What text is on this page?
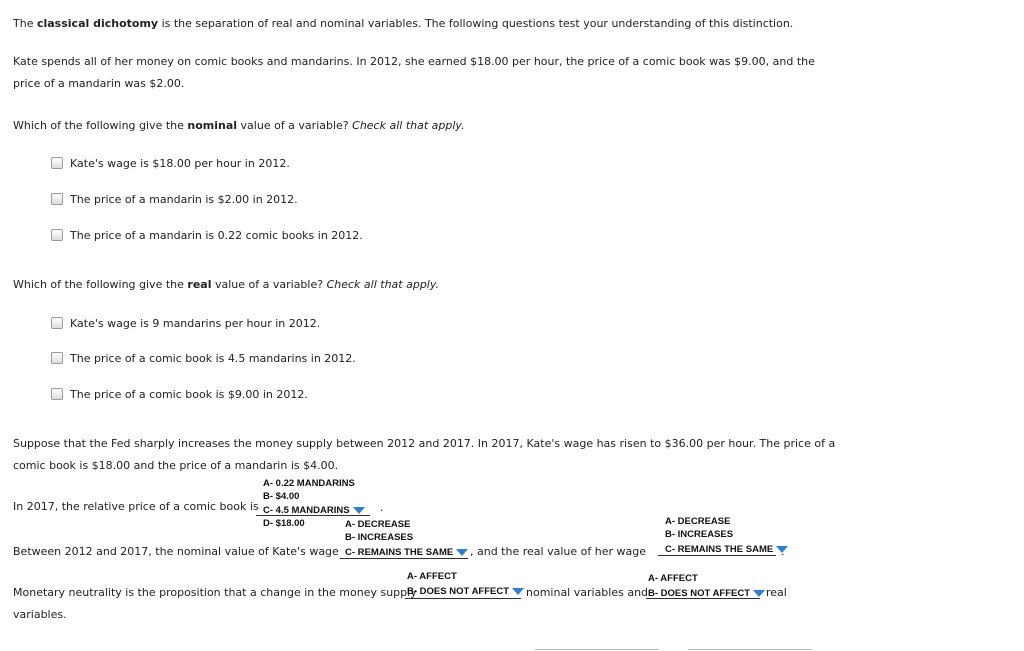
The classical dichotomy is the separation of real and nominal variables. The following questions test your understanding of this distinction.
Kate spends all of her money on comic books and mandarins. In 2012, she earned $18.00 per hour, the price of a comic book was $9.00, and the
price of a mandarin was $2.00.
Which of the following give the nominal value of a variable? Check all that apply.
Kate's wage is $18.00 per hour in 2012.
The price of a mandarin is $2.00 in 2012.
The price of a mandarin is 0.22 comic books in 2012.
Which of the following give the real value of a variable? Check all that apply.
Kate's wage is 9 mandarins per hour in 2012.
The price of a comic book is 4.5 mandarins in 2012.
The price of a comic book is $9.00 in 2012.
Suppose that the Fed sharply increases the money supply between 2012 and 2017. In 2017, Kate's wage has risen to $36.00 per hour. The price of a
comic book is $18.00 and the price of a mandarin is $4.00.
A- 0.22 MANDARINS
B- $4.00
In 2017, the relative price of a comic book is C- 4.5 MANDARINS	.
D- $18.00	A- DECREASE
B- INCREASES
Between 2012 and 2017, the nominal value of Kate's wage C- REMAINS THE SAME	, and the real value of her wage
A- DECREASE
B- INCREASES
C- REMAINS THE SAME .
A- AFFECT	A- AFFECT
Monetary neutrality is the proposition that a change in the money supply
B- DOES NOT AFFECT	nominal variables and B- DOES NOT AFFECT	real
variables.
